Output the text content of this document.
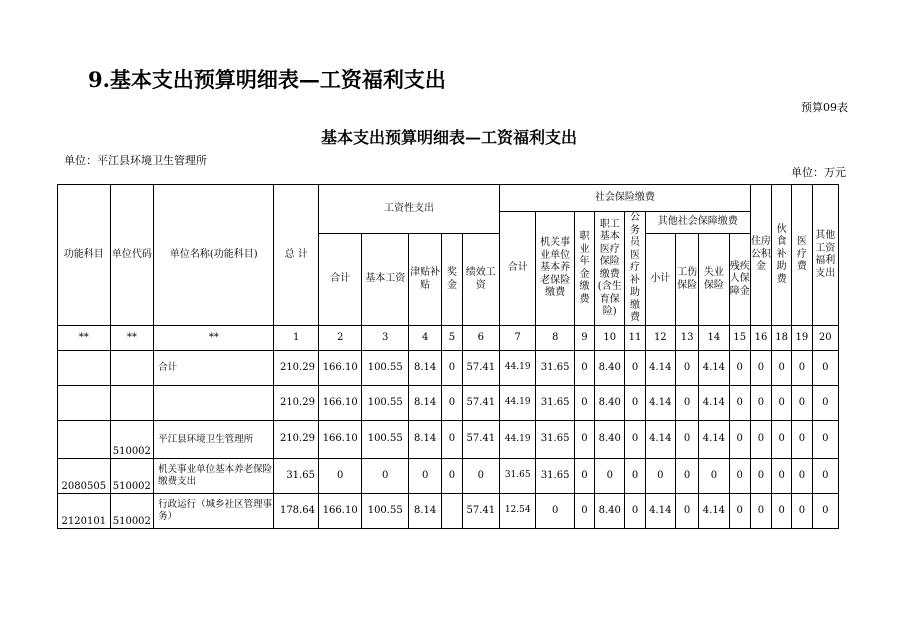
9.基本支出预算明细表—工资福利支出
预算09表
基本支出预算明细表—工资福利支出
单位：平江县环境卫生管理所
单位：万元
功能科目	单位代码	单位名称(功能科目)	总 计	工资性支出					社会保险缴费									住房公积金	伙食补助费	医疗费	其他工资福利支出
									合计	机关事业单位基本养老保险缴费	职业年金缴费	职工基本医疗保险缴费(含生育保险)	公务员医疗补助缴费	其他社会保障缴费							
				合计	基本工资	津贴补贴	奖金	绩效工资						小计	工伤保险	失业保险	残疾人保障金				
**	**	**	1	2	3	4	5	6	7	8	9	10	11	12	13	14	15	16	18	19	20
		合计	210.29	166.10	100.55	8.14	0	57.41	44.19	31.65	0	8.40	0	4.14	0	4.14	0	0	0	0	0
			210.29	166.10	100.55	8.14	0	57.41	44.19	31.65	0	8.40	0	4.14	0	4.14	0	0	0	0	0
	510002	平江县环境卫生管理所	210.29	166.10	100.55	8.14	0	57.41	44.19	31.65	0	8.40	0	4.14	0	4.14	0	0	0	0	0
2080505	510002	机关事业单位基本养老保险缴费支出	31.65	0	0	0	0	0	31.65	31.65	0	0	0	0	0	0	0	0	0	0	0
2120101	510002	行政运行（城乡社区管理事务）	178.64	166.10	100.55	8.14		57.41	12.54	0	0	8.40	0	4.14	0	4.14	0	0	0	0	0
